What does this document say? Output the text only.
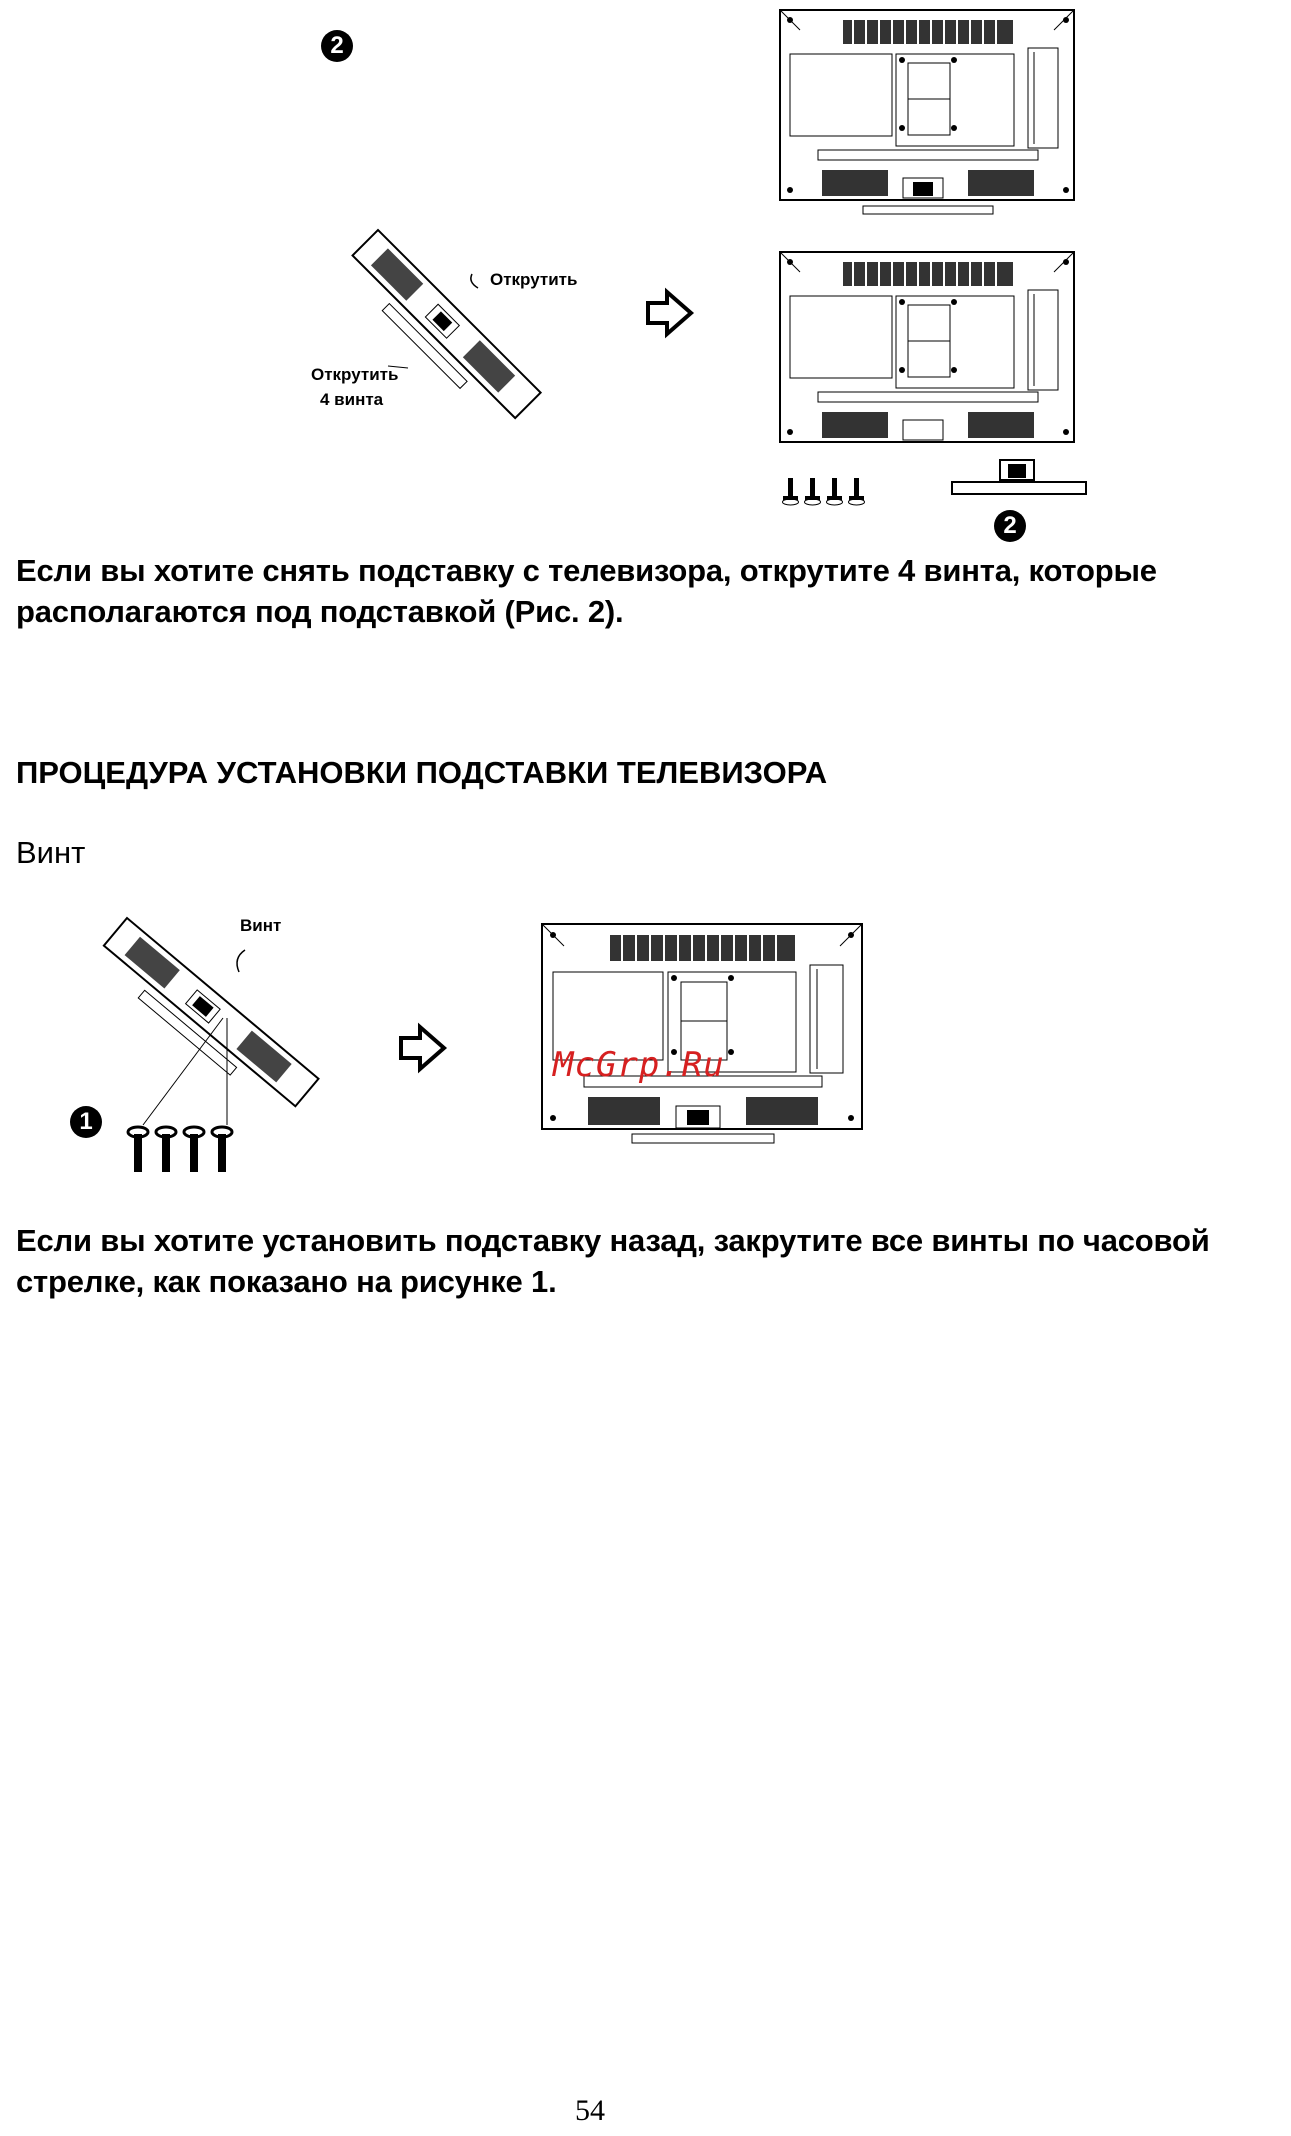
2
Открутить
Открутить
4 винта
2
Если вы хотите снять подставку с телевизора, открутите 4 винта, которые располагаются под подставкой (Рис. 2).
ПРОЦЕДУРА УСТАНОВКИ ПОДСТАВКИ ТЕЛЕВИЗОРА
Винт
Винт
1
McGrp.Ru
Если вы хотите установить подставку назад, закрутите все винты по часовой стрелке, как показано на рисунке 1.
54
